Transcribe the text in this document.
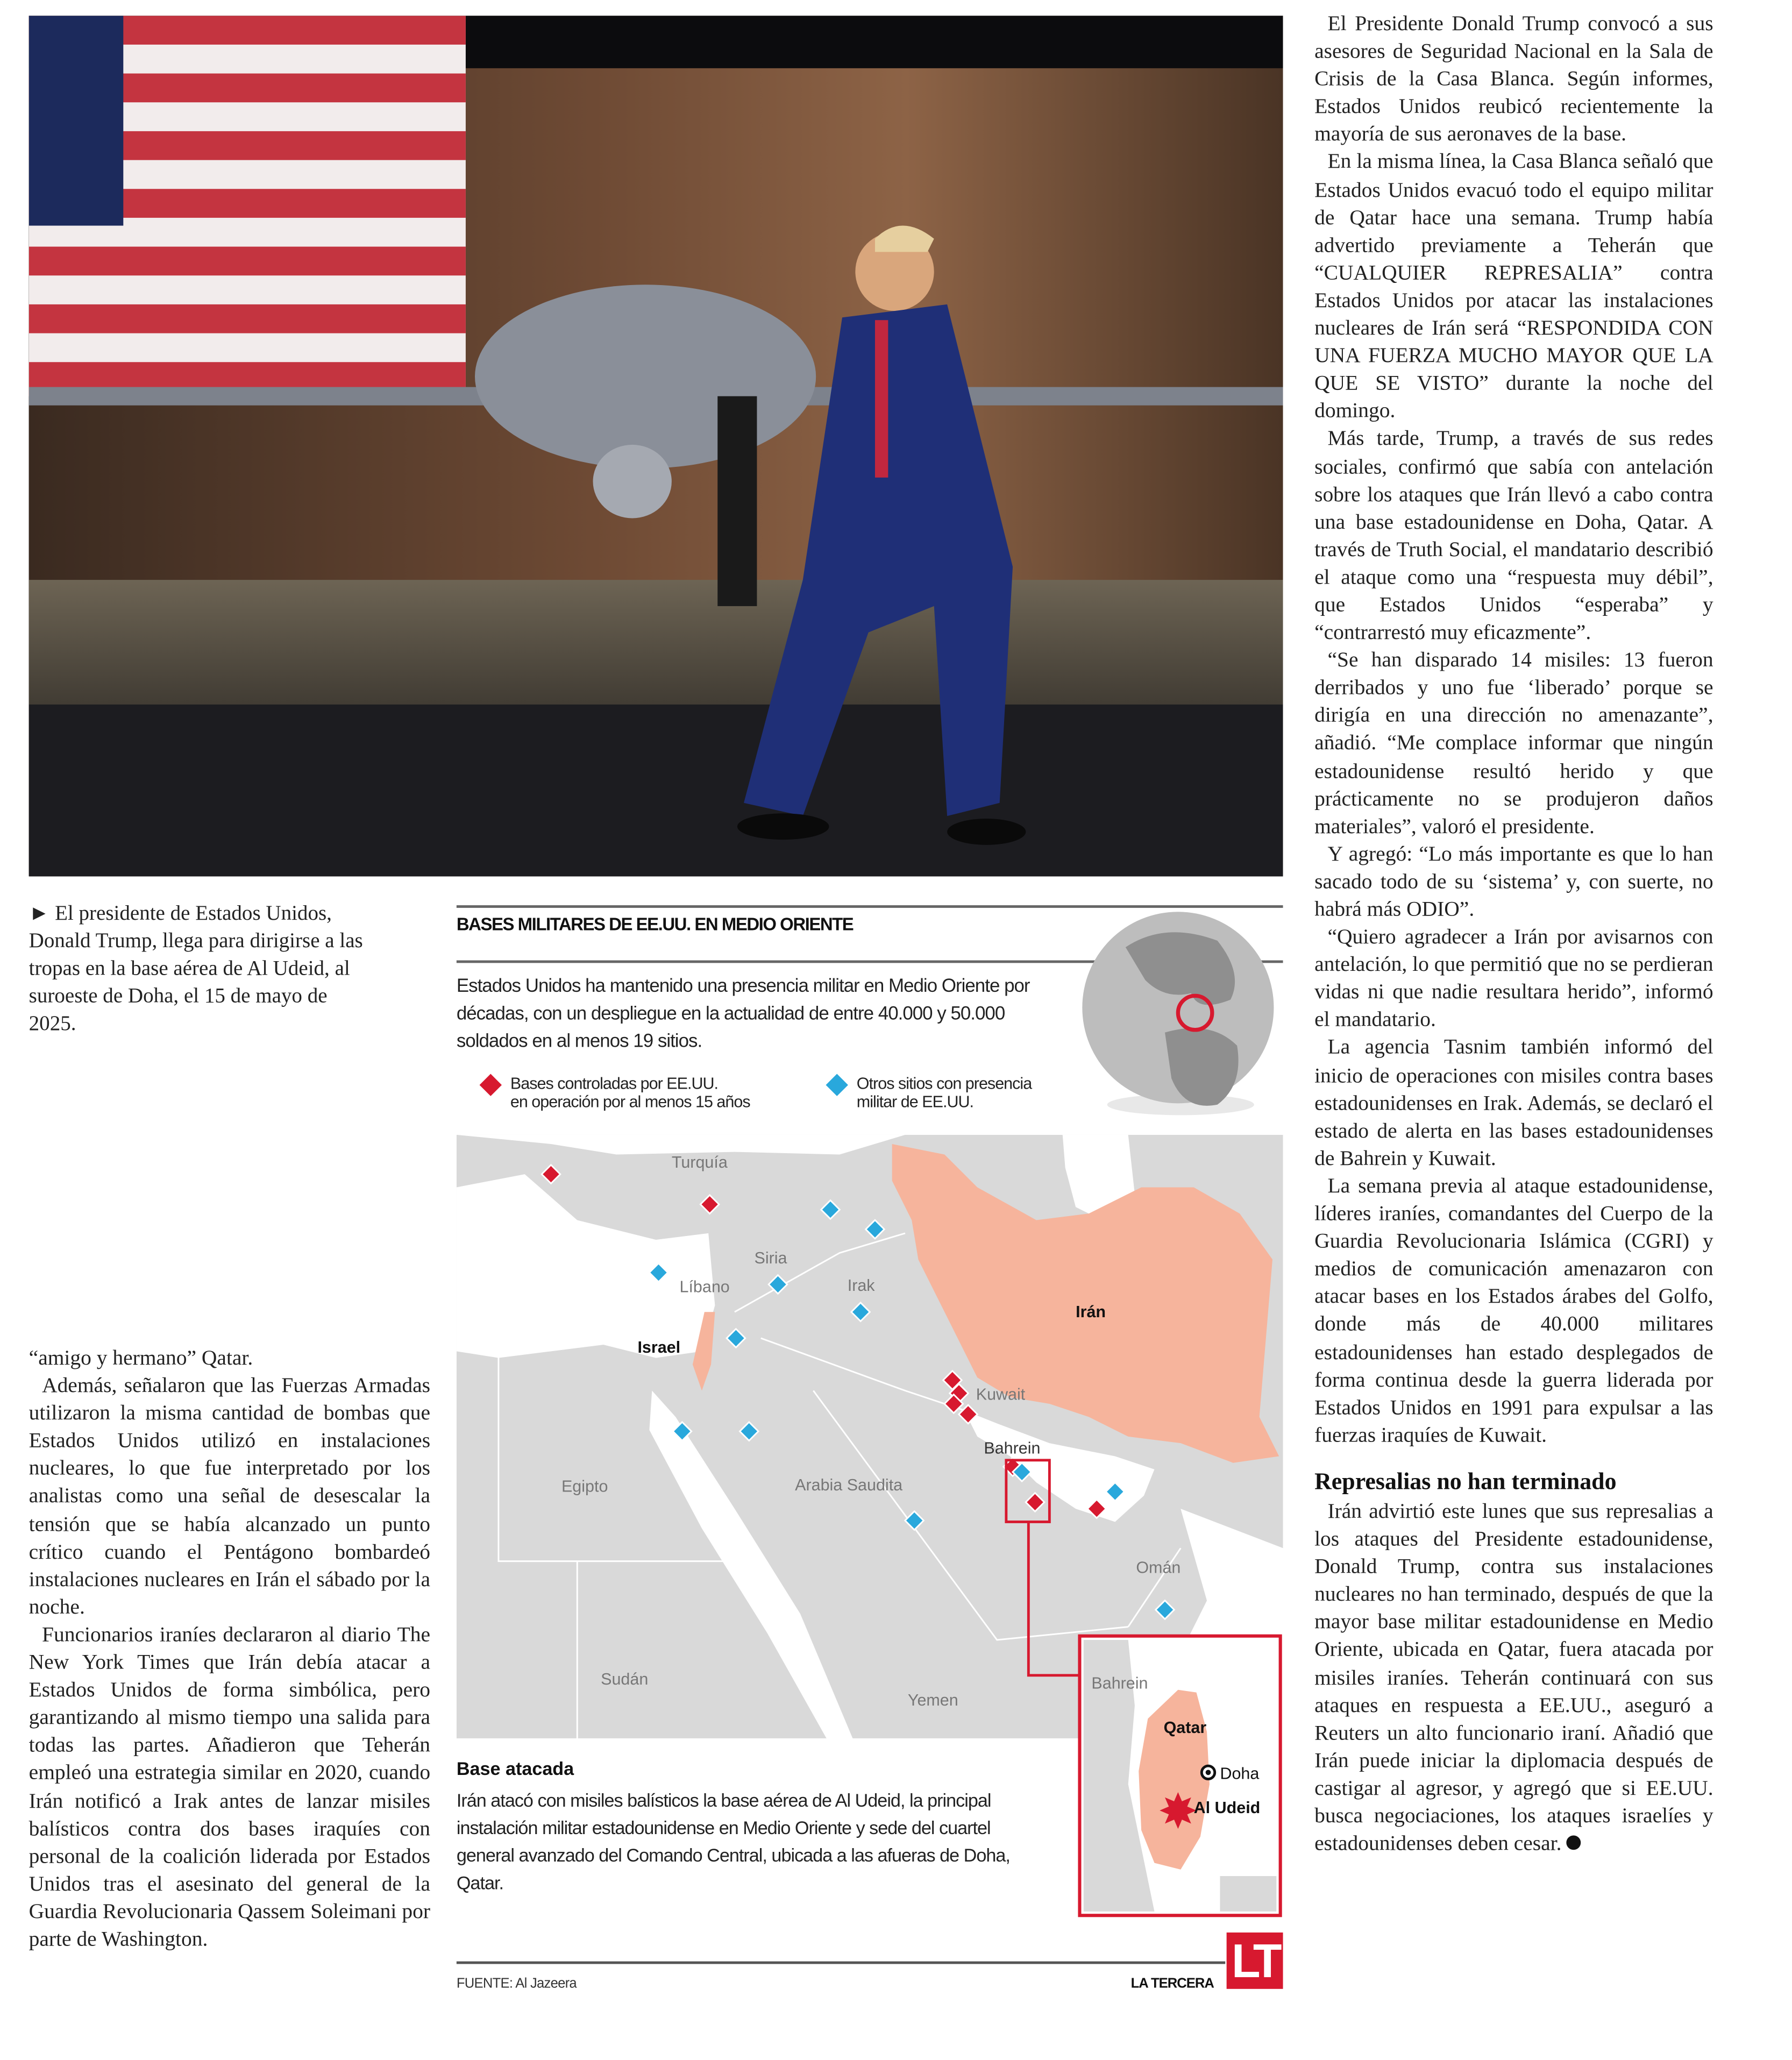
► El presidente de Estados Unidos, Donald Trump, llega para dirigirse a las tropas en la base aérea de Al Udeid, al suroeste de Doha, el 15 de mayo de 2025.

“amigo y hermano” Qatar.

Además, señalaron que las Fuerzas Armadas utilizaron la misma cantidad de bombas que Estados Unidos utilizó en instalaciones nucleares, lo que fue interpretado por los analistas como una señal de desescalar la tensión que se había alcanzado un punto crítico cuando el Pentágono bombardeó instalaciones nucleares en Irán el sábado por la noche.

Funcionarios iraníes declararon al diario The New York Times que Irán debía atacar a Estados Unidos de forma simbólica, pero garantizando al mismo tiempo una salida para todas las partes. Añadieron que Teherán empleó una estrategia similar en 2020, cuando Irán notificó a Irak antes de lanzar misiles balísticos contra dos bases iraquíes con personal de la coalición liderada por Estados Unidos tras el asesinato del general de la Guardia Revolucionaria Qassem Soleimani por parte de Washington.

El Presidente Donald Trump convocó a sus asesores de Seguridad Nacional en la Sala de Crisis de la Casa Blanca. Según informes, Estados Unidos reubicó recientemente la mayoría de sus aeronaves de la base.

En la misma línea, la Casa Blanca señaló que Estados Unidos evacuó todo el equipo militar de Qatar hace una semana. Trump había advertido previamente a Teherán que “CUALQUIER REPRESALIA” contra Estados Unidos por atacar las instalaciones nucleares de Irán será “RESPONDIDA CON UNA FUERZA MUCHO MAYOR QUE LA QUE SE VISTO” durante la noche del domingo.

Más tarde, Trump, a través de sus redes sociales, confirmó que sabía con antelación sobre los ataques que Irán llevó a cabo contra una base estadounidense en Doha, Qatar. A través de Truth Social, el mandatario describió el ataque como una “respuesta muy débil”, que Estados Unidos “esperaba” y “contrarrestó muy eficazmente”.

“Se han disparado 14 misiles: 13 fueron derribados y uno fue ‘liberado’ porque se dirigía en una dirección no amenazante”, añadió. “Me complace informar que ningún estadounidense resultó herido y que prácticamente no se produjeron daños materiales”, valoró el presidente.

Y agregó: “Lo más importante es que lo han sacado todo de su ‘sistema’ y, con suerte, no habrá más ODIO”.

“Quiero agradecer a Irán por avisarnos con antelación, lo que permitió que no se perdieran vidas ni que nadie resultara herido”, informó el mandatario.

La agencia Tasnim también informó del inicio de operaciones con misiles contra bases estadounidenses en Irak. Además, se declaró el estado de alerta en las bases estadounidenses de Bahrein y Kuwait.

La semana previa al ataque estadounidense, líderes iraníes, comandantes del Cuerpo de la Guardia Revolucionaria Islámica (CGRI) y medios de comunicación amenazaron con atacar bases en los Estados árabes del Golfo, donde más de 40.000 militares estadounidenses han estado desplegados de forma continua desde la guerra liderada por Estados Unidos en 1991 para expulsar a las fuerzas iraquíes de Kuwait.

Represalias no han terminado

Irán advirtió este lunes que sus represalias a los ataques del Presidente estadounidense, Donald Trump, contra sus instalaciones nucleares no han terminado, después de que la mayor base militar estadounidense en Medio Oriente, ubicada en Qatar, fuera atacada por misiles iraníes. Teherán continuará con sus ataques en respuesta a EE.UU., aseguró a Reuters un alto funcionario iraní. Añadió que Irán puede iniciar la diplomacia después de castigar al agresor, y agregó que si EE.UU. busca negociaciones, los ataques israelíes y estadounidenses deben cesar.

BASES MILITARES DE EE.UU. EN MEDIO ORIENTE
Estados Unidos ha mantenido una presencia militar en Medio Oriente por décadas, con un despliegue en la actualidad de entre 40.000 y 50.000 soldados en al menos 19 sitios.
Bases controladas por EE.UU.
en operación por al menos 15 años
Otros sitios con presencia
militar de EE.UU.
Turquía
Siria
Líbano	Irak
Israel
Irán
Kuwait
Bahrein
Egipto	Arabia Saudita
Omán
Sudán
Yemen
Bahrein
Qatar
Doha
Al Udeid
Base atacada
Irán atacó con misiles balísticos la base aérea de Al Udeid, la principal instalación militar estadounidense en Medio Oriente y sede del cuartel general avanzado del Comando Central, ubicada a las afueras de Doha, Qatar.
FUENTE: Al Jazeera	LA TERCERA LT
